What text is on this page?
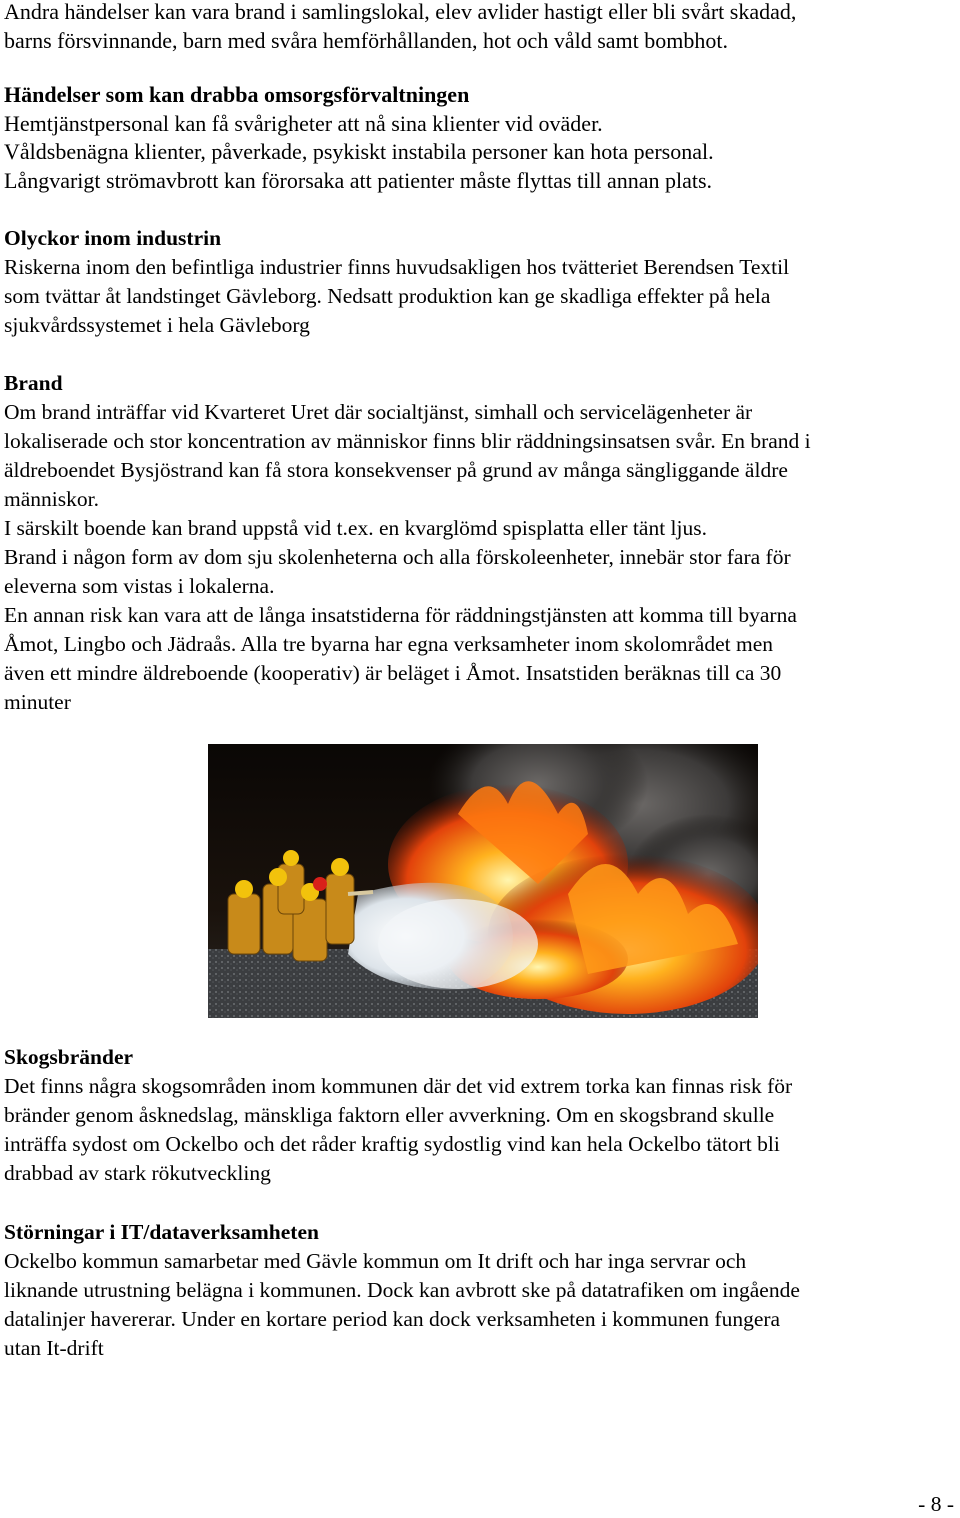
Andra händelser kan vara brand i samlingslokal, elev avlider hastigt eller bli svårt skadad,

barns försvinnande, barn med svåra hemförhållanden, hot och våld samt bombhot.

Händelser som kan drabba omsorgsförvaltningen

Hemtjänstpersonal kan få svårigheter att nå sina klienter vid oväder.

Våldsbenägna klienter, påverkade, psykiskt instabila personer kan hota personal.

Långvarigt strömavbrott kan förorsaka att patienter måste flyttas till annan plats.

Olyckor inom industrin

Riskerna inom den befintliga industrier finns huvudsakligen hos tvätteriet Berendsen Textil

som tvättar åt landstinget Gävleborg. Nedsatt produktion kan ge skadliga effekter på hela

sjukvårdssystemet i hela Gävleborg

Brand

Om brand inträffar vid Kvarteret Uret där socialtjänst, simhall och servicelägenheter är

lokaliserade och stor koncentration av människor finns blir räddningsinsatsen svår. En brand i

äldreboendet Bysjöstrand kan få stora konsekvenser på grund av många sängliggande äldre

människor.

I särskilt boende kan brand uppstå vid t.ex. en kvarglömd spisplatta eller tänt ljus.

Brand i någon form av dom sju skolenheterna och alla förskoleenheter, innebär stor fara för

eleverna som vistas i lokalerna.

En annan risk kan vara att de långa insatstiderna för räddningstjänsten att komma till byarna

Åmot, Lingbo och Jädraås. Alla tre byarna har egna verksamheter inom skolområdet men

även ett mindre äldreboende (kooperativ) är beläget i Åmot. Insatstiden beräknas till ca 30

minuter

Skogsbränder

Det finns några skogsområden inom kommunen där det vid extrem torka kan finnas risk för

bränder genom åsknedslag, mänskliga faktorn eller avverkning. Om en skogsbrand skulle

inträffa sydost om Ockelbo och det råder kraftig sydostlig vind kan hela Ockelbo tätort bli

drabbad av stark rökutveckling

Störningar i IT/dataverksamheten

Ockelbo kommun samarbetar med Gävle kommun om It drift och har inga servrar och

liknande utrustning belägna i kommunen. Dock kan avbrott ske på datatrafiken om ingående

datalinjer havererar. Under en kortare period kan dock verksamheten i kommunen fungera

utan It-drift

- 8 -
